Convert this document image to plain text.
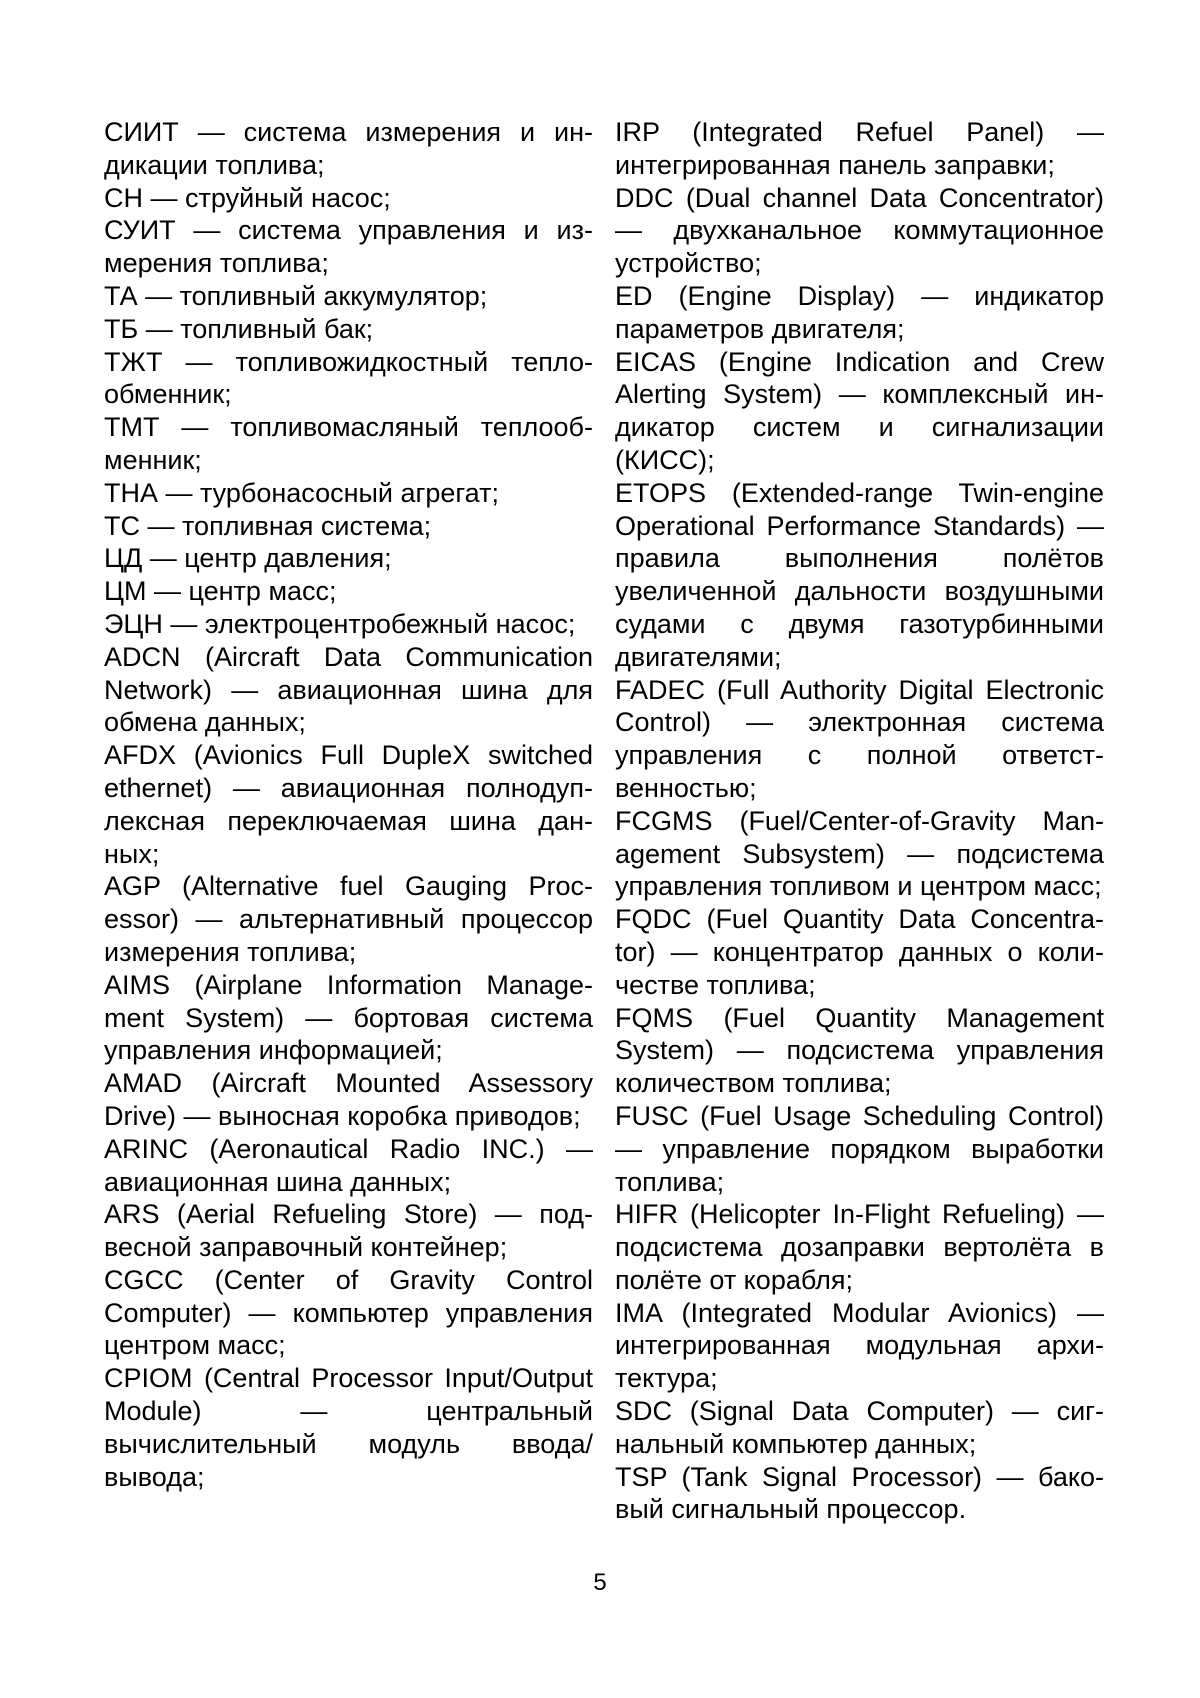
СИИТ — система измерения и индикации топлива;

СН — струйный насос;

СУИТ — система управления и измерения топлива;

ТА — топливный аккумулятор;

ТБ — топливный бак;

ТЖТ — топливожидкостный теплообменник;

ТМТ — топливомасляный теплообменник;

ТНА — турбонасосный агрегат;

ТС — топливная система;

ЦД — центр давления;

ЦМ — центр масс;

ЭЦН — электроцентробежный насос;

ADCN (Aircraft Data Communication Network) — авиационная шина для обмена данных;

AFDX (Avionics Full DupleX switched ethernet) — авиационная полнодуплексная переключаемая шина данных;

AGP (Alternative fuel Gauging Processor) — альтернативный процессор измерения топлива;

AIMS (Airplane Information Management System) — бортовая система управления информацией;

AMAD (Aircraft Mounted Assessory Drive) — выносная коробка приводов;

ARINC (Aeronautical Radio INC.) — авиационная шина данных;

ARS (Aerial Refueling Store) — подвесной заправочный контейнер;

CGCC (Center of Gravity Control Computer) — компьютер управления центром масс;

CPIOM (Central Processor Input/Output Module) — центральный вычислительный модуль ввода/вывода;

IRP (Integrated Refuel Panel) — интегрированная панель заправки;

DDC (Dual channel Data Concentrator) — двухканальное коммутационное устройство;

ED (Engine Display) — индикатор параметров двигателя;

EICAS (Engine Indication and Crew Alerting System) — комплексный индикатор систем и сигнализации (КИСС);

ETOPS (Extended-range Twin-engine Operational Performance Standards) — правила выполнения полётов увеличенной дальности воздушными судами с двумя газотурбинными двигателями;

FADEC (Full Authority Digital Electronic Control) — электронная система управления с полной ответственностью;

FCGMS (Fuel/Center-of-Gravity Management Subsystem) — подсистема управления топливом и центром масс;

FQDC (Fuel Quantity Data Concentrator) — концентратор данных о количестве топлива;

FQMS (Fuel Quantity Management System) — подсистема управления количеством топлива;

FUSC (Fuel Usage Scheduling Control) — управление порядком выработки топлива;

HIFR (Helicopter In-Flight Refueling) — подсистема дозаправки вертолёта в полёте от корабля;

IMA (Integrated Modular Avionics) — интегрированная модульная архитектура;

SDC (Signal Data Computer) — сигнальный компьютер данных;

TSP (Tank Signal Processor) — баковый сигнальный процессор.

5
